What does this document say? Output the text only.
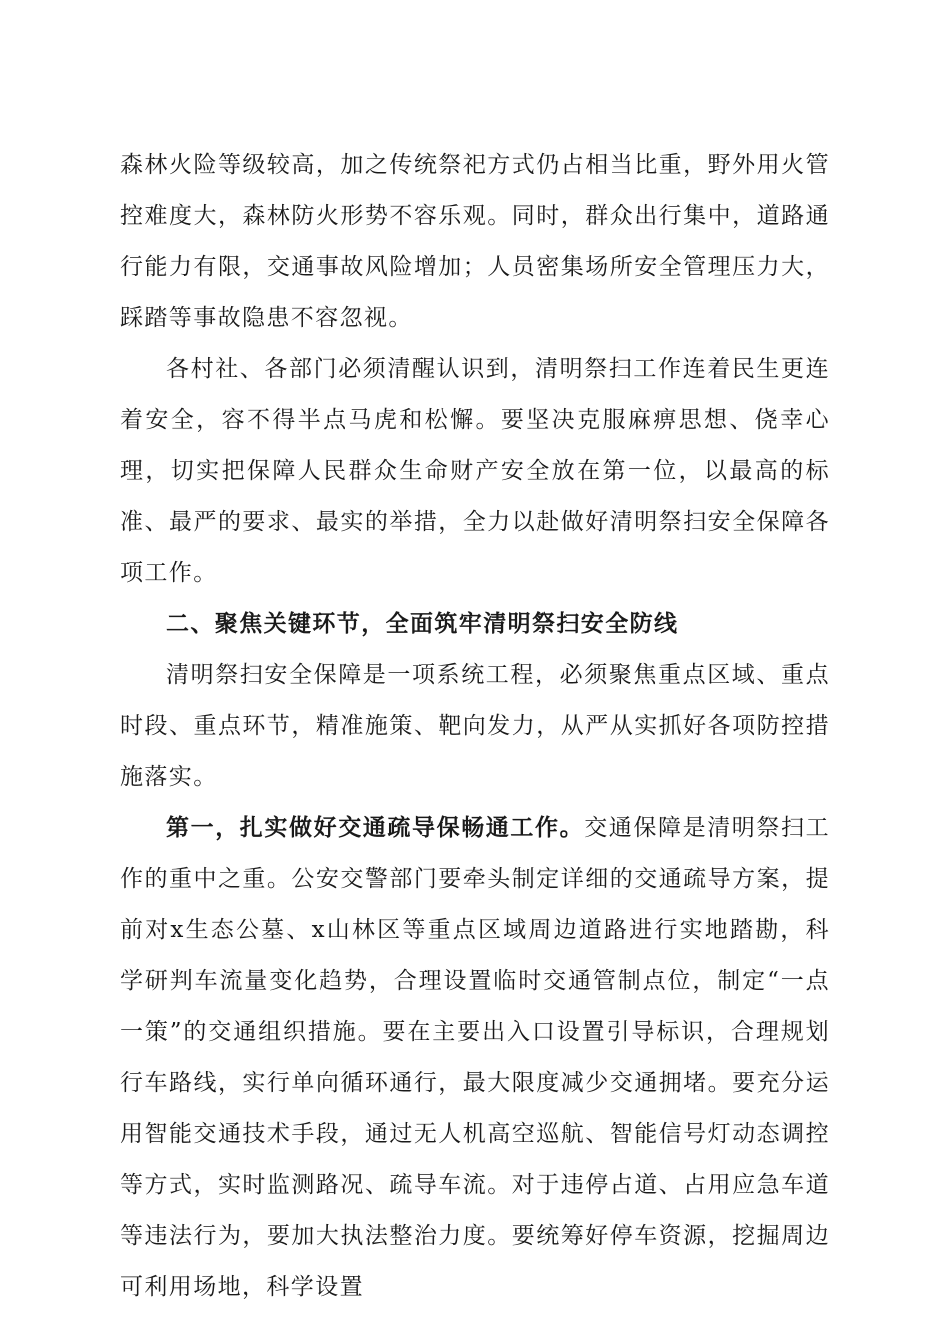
森林火险等级较高，加之传统祭祀方式仍占相当比重，野外用火管控难度大，森林防火形势不容乐观。同时，群众出行集中，道路通行能力有限，交通事故风险增加；人员密集场所安全管理压力大，踩踏等事故隐患不容忽视。

各村社、各部门必须清醒认识到，清明祭扫工作连着民生更连着安全，容不得半点马虎和松懈。要坚决克服麻痹思想、侥幸心理，切实把保障人民群众生命财产安全放在第一位，以最高的标准、最严的要求、最实的举措，全力以赴做好清明祭扫安全保障各项工作。

二、聚焦关键环节，全面筑牢清明祭扫安全防线

清明祭扫安全保障是一项系统工程，必须聚焦重点区域、重点时段、重点环节，精准施策、靶向发力，从严从实抓好各项防控措施落实。

第一，扎实做好交通疏导保畅通工作。交通保障是清明祭扫工作的重中之重。公安交警部门要牵头制定详细的交通疏导方案，提前对x生态公墓、x山林区等重点区域周边道路进行实地踏勘，科学研判车流量变化趋势，合理设置临时交通管制点位，制定“一点一策”的交通组织措施。要在主要出入口设置引导标识，合理规划行车路线，实行单向循环通行，最大限度减少交通拥堵。要充分运用智能交通技术手段，通过无人机高空巡航、智能信号灯动态调控等方式，实时监测路况、疏导车流。对于违停占道、占用应急车道等违法行为，要加大执法整治力度。要统筹好停车资源，挖掘周边可利用场地，科学设置
